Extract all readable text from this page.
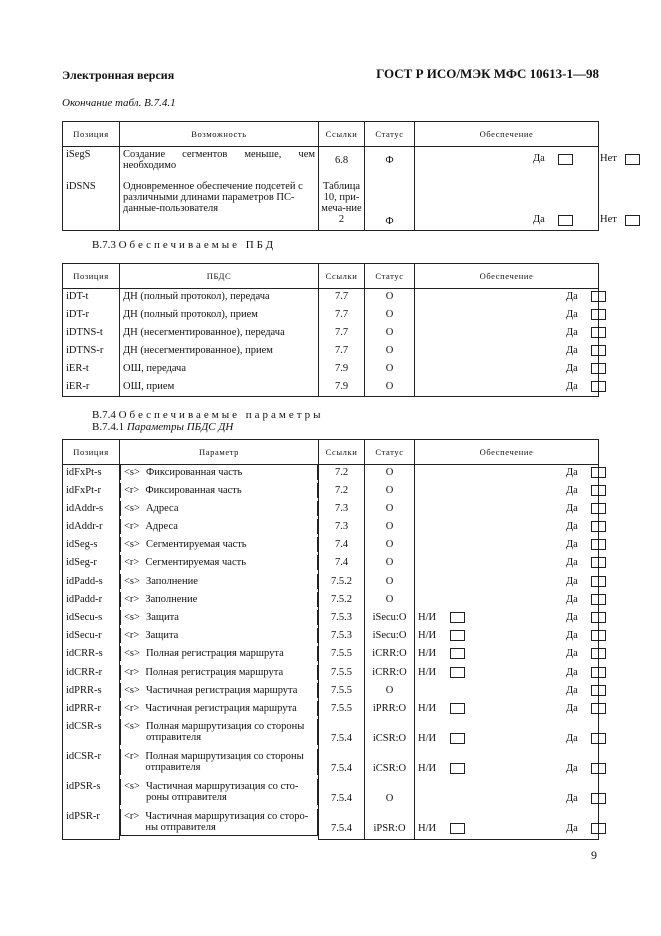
Электронная версия	ГОСТ Р ИСО/МЭК МФС 10613-1—98
Окончание табл. B.7.4.1
Позиция	Возможность	Ссылки	Статус	Обеспечение
iSegS	Создание сегментов меньше, чем необходимо	6.8	Ф	Да Нет

iDSNS	Одновременное обеспечение подсетей с различными длинами параметров ПС-данные-пользователя	Таблица 10, при-меча-ние 2	Ф	Да Нет
B.7.3 Обеспечиваемые ПБД
Позиция	ПБДС	Ссылки	Статус	Обеспечение
iDT-t	ДН (полный протокол), передача	7.7	О	Да

iDT-r	ДН (полный протокол), прием	7.7	О	Да

iDTNS-t	ДН (несегментированное), передача	7.7	О	Да

iDTNS-r	ДН (несегментированное), прием	7.7	О	Да

iER-t	ОШ, передача	7.9	О	Да

iER-r	ОШ, прием	7.9	О	Да
B.7.4 Обеспечиваемые параметры
B.7.4.1 Параметры ПБДС ДН
Позиция	Параметр	Ссылки	Статус	Обеспечение
idFxPt-s	<s> Фиксированная часть	7.2	О	Да

idFxPt-r	<r> Фиксированная часть	7.2	О	Да

idAddr-s	<s> Адреса	7.3	О	Да

idAddr-r	<r> Адреса	7.3	О	Да

idSeg-s		<s> Сегментируемая часть	7.4	О	Да

idSeg-r		<r> Сегментируемая часть	7.4	О	Да

idPadd-s	<s> Заполнение	7.5.2	О	Да

idPadd-r	<r> Заполнение	7.5.2	О	Да

idSecu-s	<s> Защита	7.5.3	iSecu:O	Н/И Да

idSecu-r	<r> Защита	7.5.3	iSecu:O	Н/И Да

idCRR-s	<s> Полная регистрация маршрута	7.5.5	iCRR:O	Н/И Да

idCRR-r	<r> Полная регистрация маршрута	7.5.5	iCRR:O	Н/И Да

idPRR-s	<s> Частичная регистрация маршрута	7.5.5	О	Да

idPRR-r	<r> Частичная регистрация маршрута	7.5.5	iPRR:O	Н/И Да

idCSR-s	<s> Полная маршрутизация со стороны отправителя	7.5.4	iCSR:O	Н/И Да

idCSR-r	<r> Полная маршрутизация со стороны отправителя	7.5.4	iCSR:O	Н/И Да

idPSR-s	<s> Частичная маршрутизация со сто-роны отправителя	7.5.4	О	Да

idPSR-r	<r> Частичная маршрутизация со сторо-ны отправителя	7.5.4	iPSR:O	Н/И Да
9
